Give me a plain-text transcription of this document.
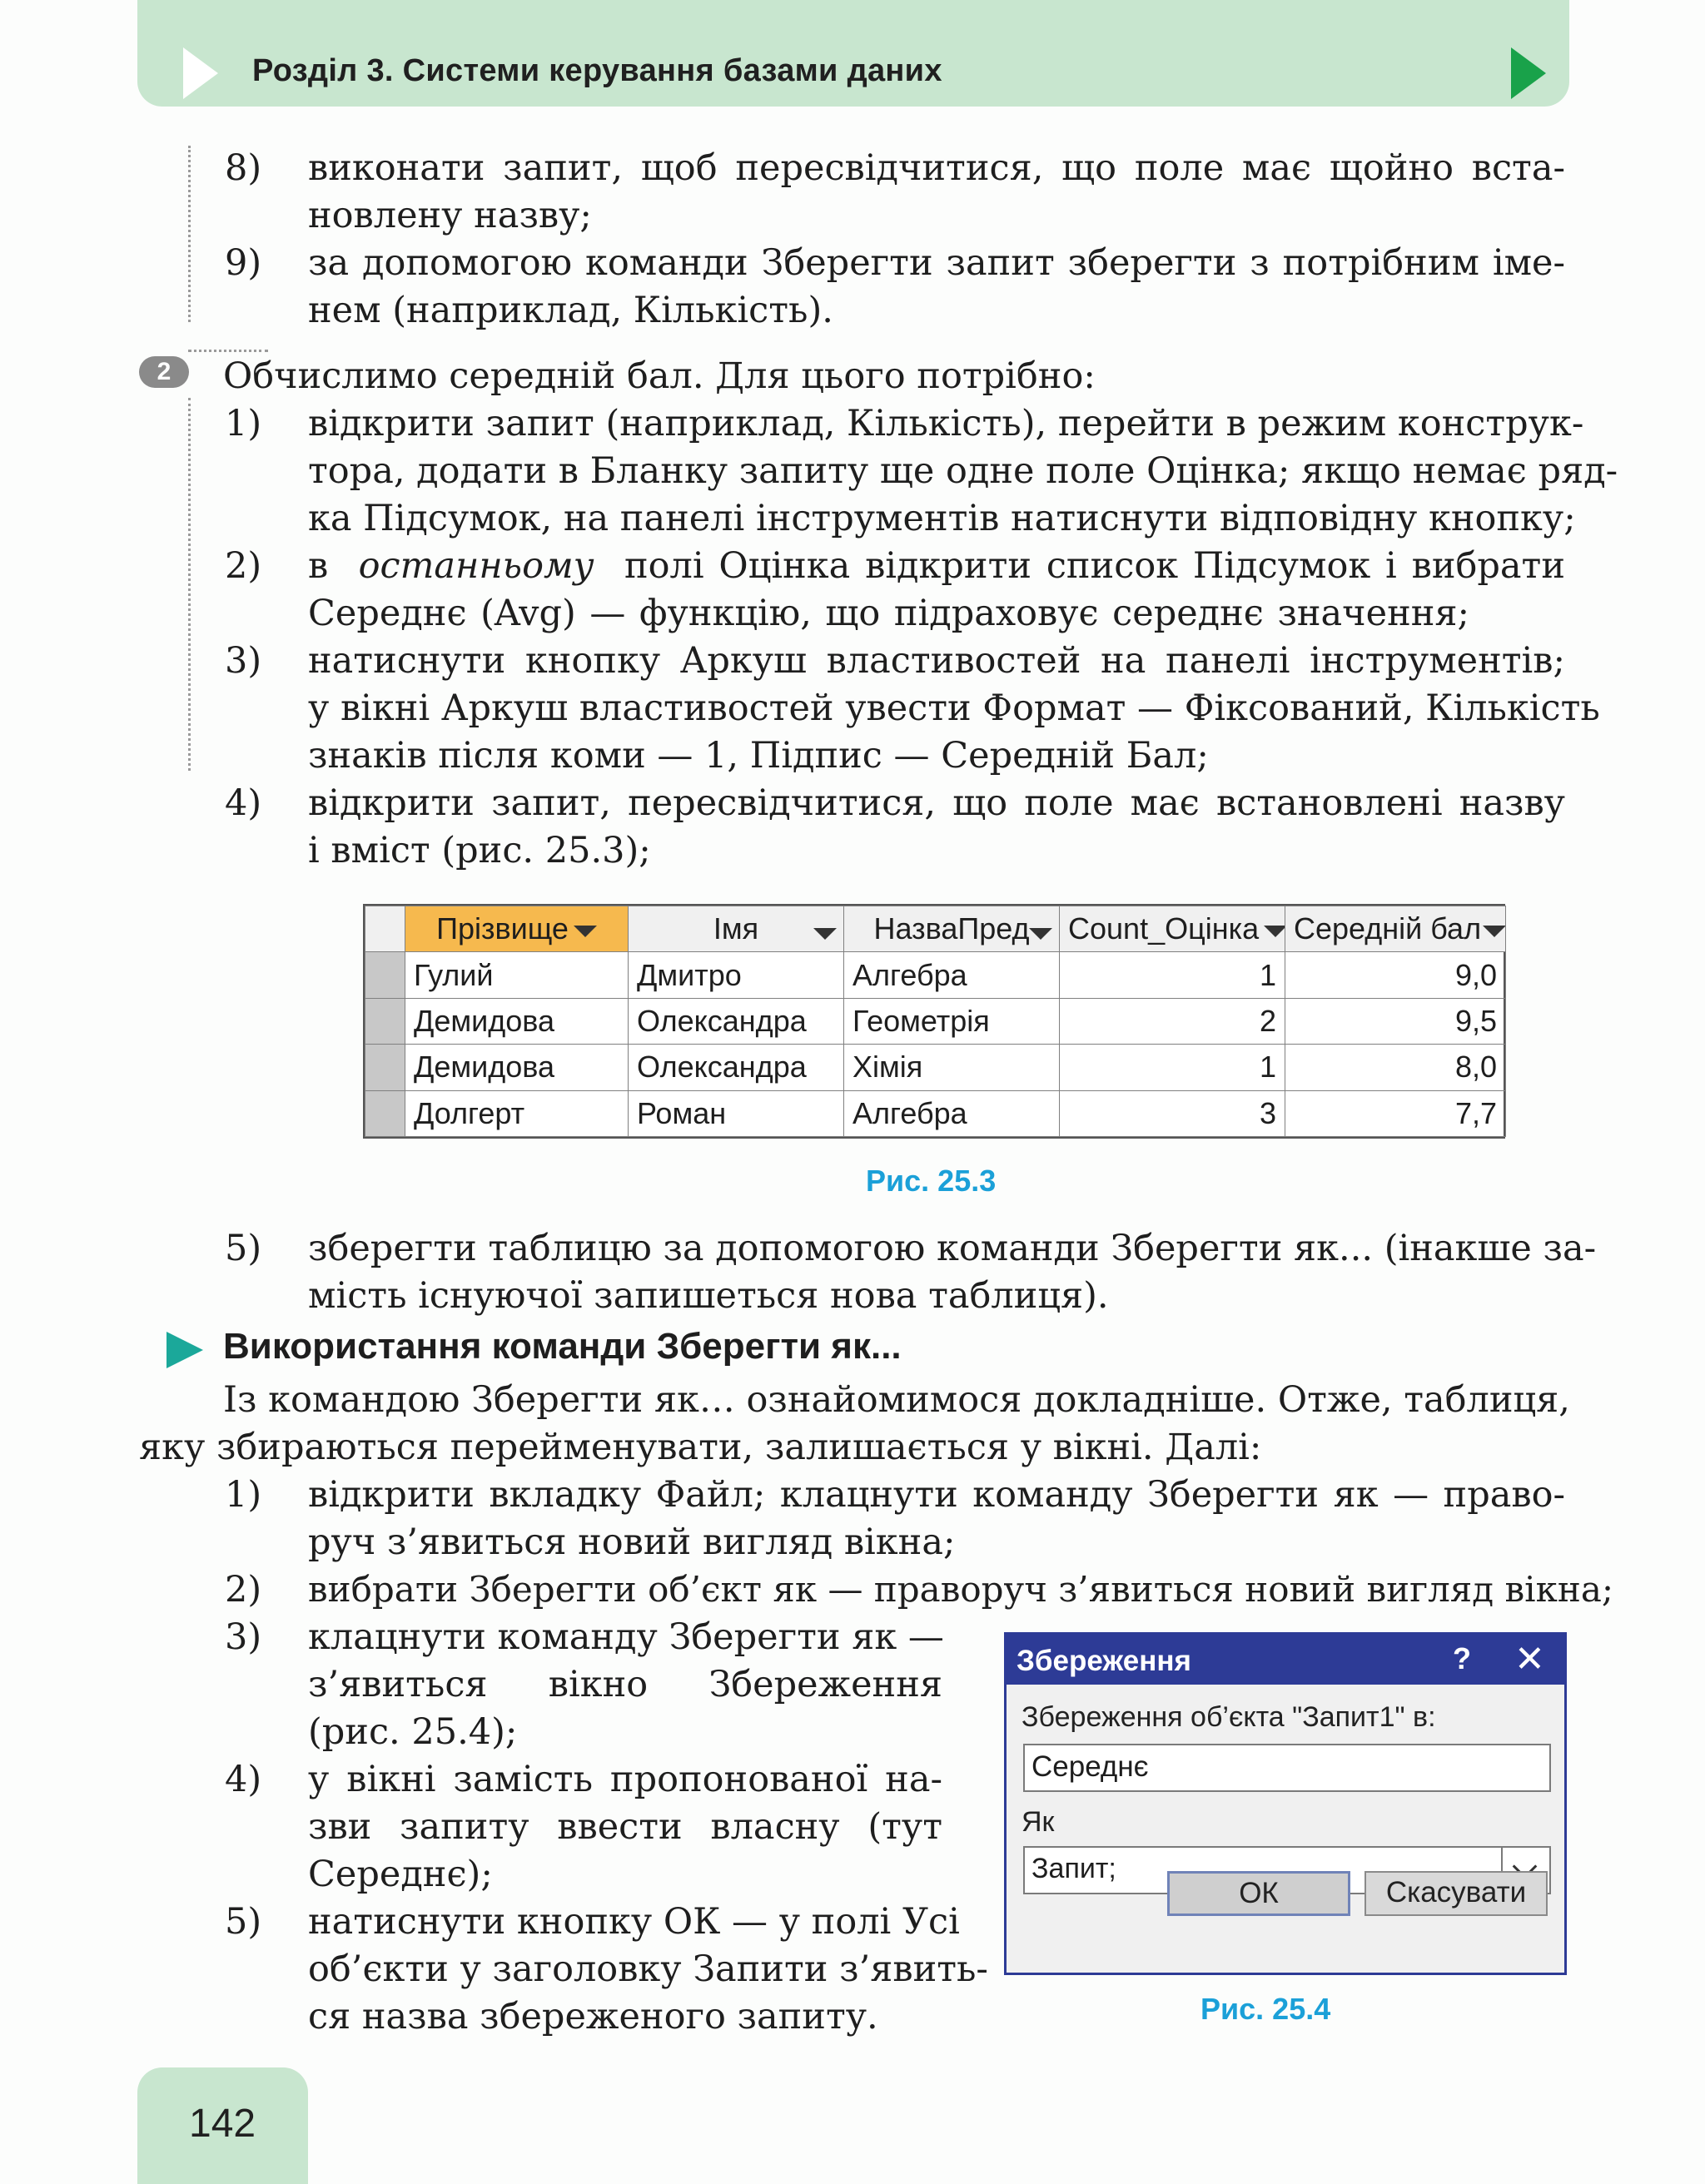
Розділ 3. Системи керування базами даних
8) виконати запит, щоб пересвідчитися, що поле має щойно вста-
новлену назву;
9) за допомогою команди Зберегти запит зберегти з потрібним іме-
нем (наприклад, Кількість).
2	Обчислимо середній бал. Для цього потрібно:
1) відкрити запит (наприклад, Кількість), перейти в режим конструк-
тора, додати в Бланку запиту ще одне поле Оцінка; якщо немає ряд-
ка Підсумок, на панелі інструментів натиснути відповідну кнопку;
2) в останньому полі Оцінка відкрити список Підсумок і вибрати
Середнє (Avg) — функцію, що підраховує середнє значення;
3) натиснути кнопку Аркуш властивостей на панелі інструментів;
у вікні Аркуш властивостей увести Формат — Фіксований, Кількість
знаків після коми — 1, Підпис — Середній Бал;
4) відкрити запит, пересвідчитися, що поле має встановлені назву
і вміст (рис. 25.3);
	Прізвище	Імя	НазваПред	Count_Оцінка	Середній бал
	Гулий	Дмитро	Алгебра	1	9,0
	Демидова	Олександра	Геометрія	2	9,5
	Демидова	Олександра	Хімія	1	8,0
	Долгерт	Роман	Алгебра	3	7,7
Рис. 25.3
5) зберегти таблицю за допомогою команди Зберегти як... (інакше за-
мість існуючої запишеться нова таблиця).
Використання команди Зберегти як...
Із командою Зберегти як… ознайомимося докладніше. Отже, таблиця,
яку збираються перейменувати, залишається у вікні. Далі:
1) відкрити вкладку Файл; клацнути команду Зберегти як — право-
руч з’явиться новий вигляд вікна;
2) вибрати Зберегти об’єкт як — праворуч з’явиться новий вигляд вікна;
3) клацнути команду Зберегти як —
з’явиться вікно Збереження
(рис. 25.4);
4) у вікні замість пропонованої на-
зви запиту ввести власну (тут
Середнє);
5) натиснути кнопку ОК — у полі Усі
об’єкти у заголовку Запити з’явить-
ся назва збереженого запиту.
Збереження	? ✕
Збереження об’єкта "Запит1" в:
Середнє
Як
Запит;
ОК	Скасувати
Рис. 25.4
142
